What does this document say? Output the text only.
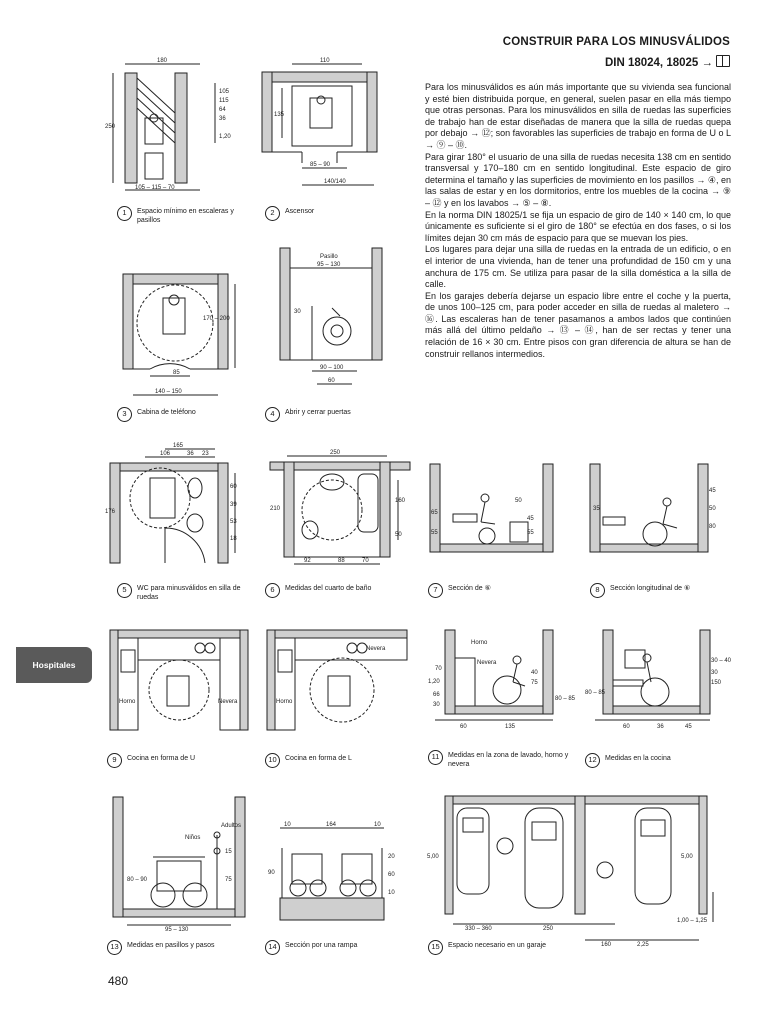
CONSTRUIR PARA LOS MINUSVÁLIDOS
DIN 18024, 18025 →

Para los minusválidos es aún más importante que su vivienda sea funcional y esté bien distribuida porque, en general, suelen pasar en ella más tiempo que otras personas. Para los minusválidos en silla de ruedas las superficies de trabajo han de estar diseñadas de manera que la silla de ruedas quepa por debajo → ⑫; son favorables las superficies de trabajo en forma de U o L → ⑨ – ⑩.

Para girar 180° el usuario de una silla de ruedas necesita 138 cm en sentido transversal y 170–180 cm en sentido longitudinal. Este espacio de giro determina el tamaño y las superficies de movimiento en los pasillos → ④, en las salas de estar y en los dormitorios, entre los muebles de la cocina → ⑨ – ⑫ y en los lavabos → ⑤ – ⑧.

En la norma DIN 18025/1 se fija un espacio de giro de 140 × 140 cm, lo que únicamente es suficiente si el giro de 180° se efectúa en dos fases, o si los límites dejan 30 cm más de espacio para que se muevan los pies.

Los lugares para dejar una silla de ruedas en la entrada de un edificio, o en el interior de una vivienda, han de tener una profundidad de 150 cm y una anchura de 175 cm. Se utiliza para pasar de la silla doméstica a la silla de calle.

En los garajes debería dejarse un espacio libre entre el coche y la puerta, de unos 100–125 cm, para poder acceder en silla de ruedas al maletero → ⑯. Las escaleras han de tener pasamanos a ambos lados que continúen más allá del último peldaño → ⑬ – ⑭, han de ser rectas y tener una relación de 16 × 30 cm. Entre pisos con gran diferencia de altura se han de construir rellanos intermedios.

Hospitales
480
180
250
105
115
64
36
1,20
105 – 115 – 70
1	Espacio mínimo en escaleras y pasillos
110
135
85 – 90
140/140
2	Ascensor
170 – 200
85
140 – 150
3	Cabina de teléfono
Pasillo
95 – 130
30
90 – 100
60
4	Abrir y cerrar puertas
165
106	36 23
176
60
39
53
18
5	WC para minusválidos en silla de ruedas
250
210
160
50
92	88	70
6	Medidas del cuarto de baño
65
55
50
45
55
7	Sección de ⑥
35
45
50
80
8	Sección longitudinal de ⑥
Horno	Nevera
9	Cocina en forma de U
Nevera
Horno
10	Cocina en forma de L
Horno
Nevera
70
1,20
66
30
40
75
60	135
80 – 85
11	Medidas en la zona de lavado, horno y nevera
30 – 40
30
150
80 – 85
60	36	45
12	Medidas en la cocina
Adultos
Niños
15
75
80 – 90
95 – 130
13	Medidas en pasillos y pasos
10	164	10
90
20
60
10
14	Sección por una rampa
5,00	5,00
330 – 360	250
160	2,25
1,00 – 1,25
15	Espacio necesario en un garaje
